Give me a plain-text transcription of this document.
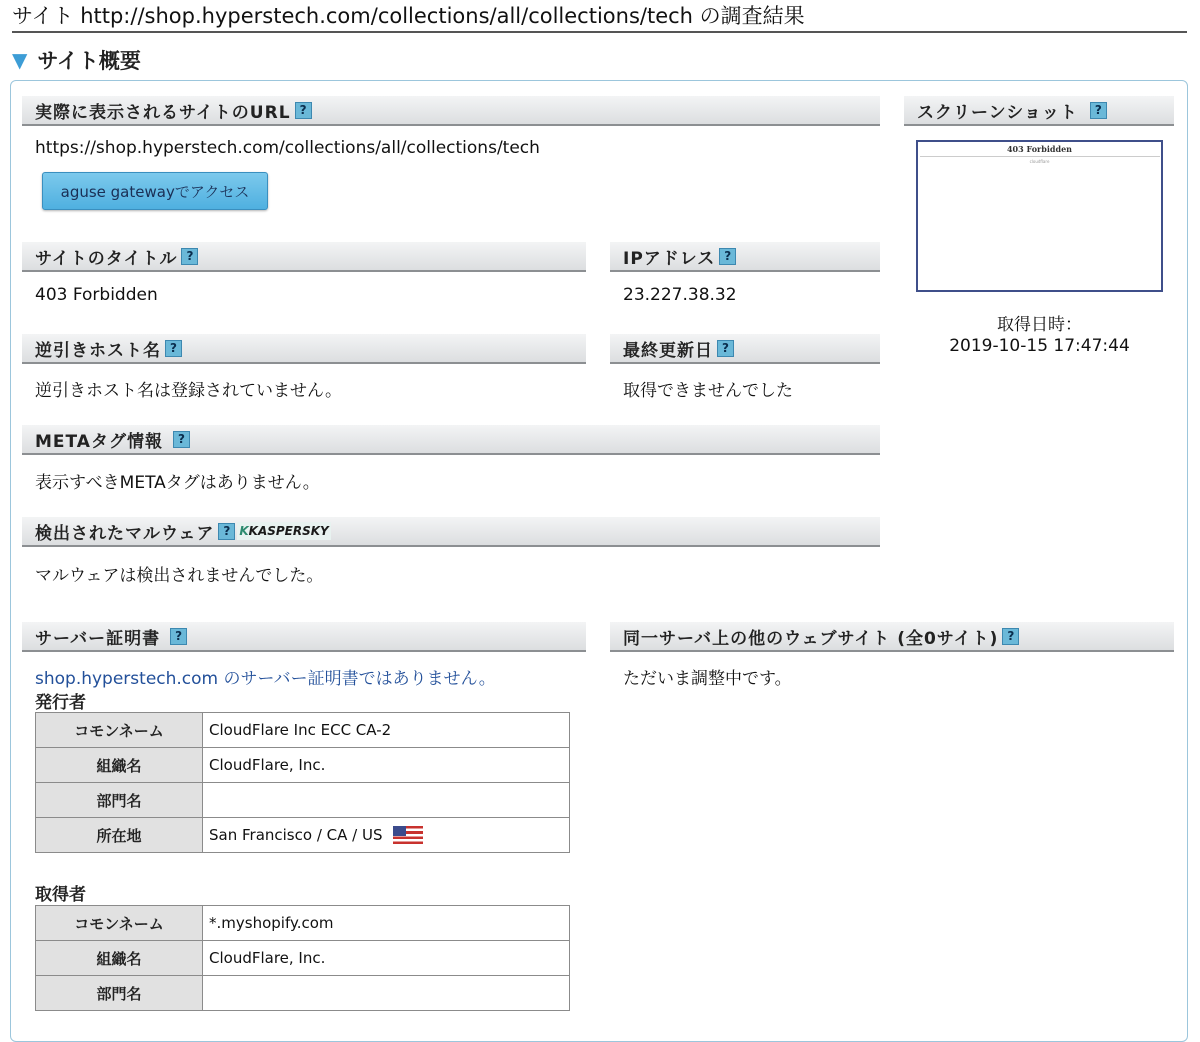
サイト http://shop.hyperstech.com/collections/all/collections/tech の調査結果
▼ サイト概要
実際に表示されるサイトのURL ?
https://shop.hyperstech.com/collections/all/collections/tech
aguse gatewayでアクセス
スクリーンショット	?
403 Forbidden
cloudflare
取得日時：
2019-10-15 17:47:44
サイトのタイトル ?
403 Forbidden
IPアドレス ?
23.227.38.32
逆引きホスト名 ?
逆引きホスト名は登録されていません。
最終更新日 ?
取得できませんでした
METAタグ情報	?
表示すべきMETAタグはありません。
検出されたマルウェア ? KKASPERSKY
マルウェアは検出されませんでした。
サーバー証明書	?
shop.hyperstech.com のサーバー証明書ではありません。
発行者
コモンネーム	CloudFlare Inc ECC CA-2
組織名	CloudFlare, Inc.
部門名	
所在地	San Francisco / CA / US
取得者
コモンネーム	*.myshopify.com
組織名	CloudFlare, Inc.
部門名	
同一サーバ上の他のウェブサイト (全0サイト) ?
ただいま調整中です。
